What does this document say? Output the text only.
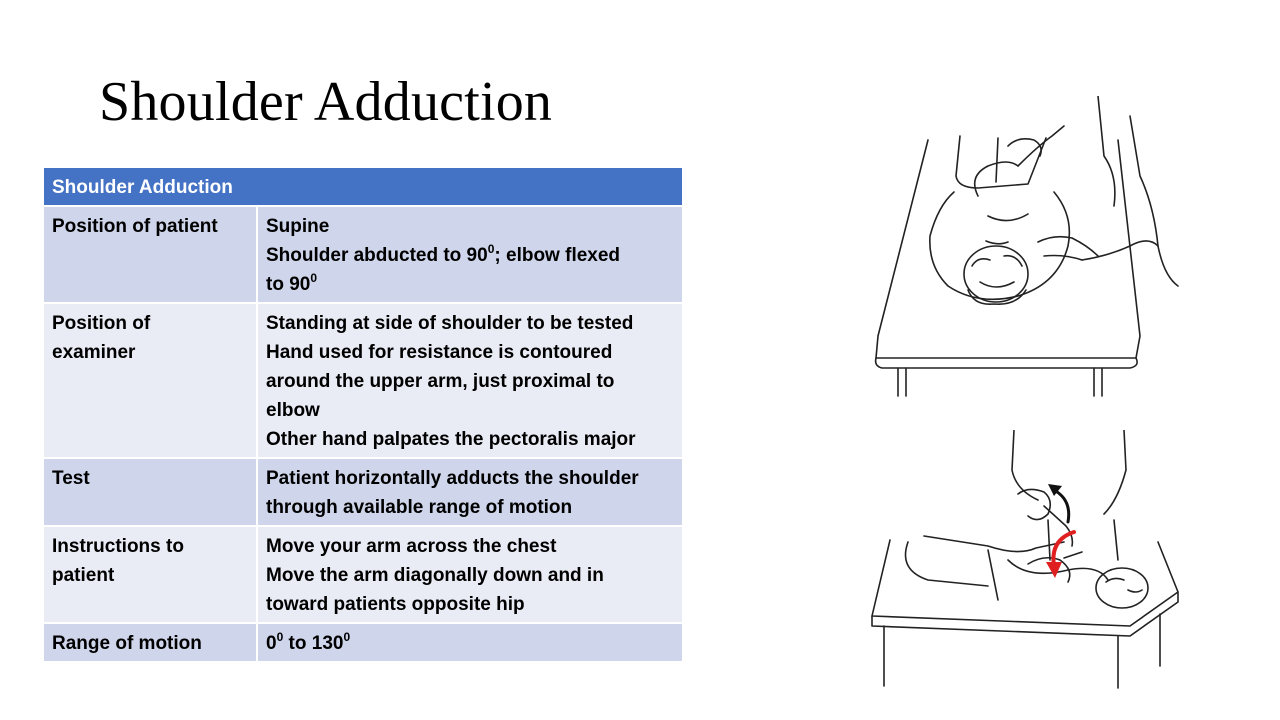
Shoulder Adduction
Shoulder Adduction	
Position of patient	Supine
Shoulder abducted to $90^0$; elbow flexed
to $90^0$

Position of
examiner	Standing at side of shoulder to be tested
Hand used for resistance is contoured
around the upper arm, just proximal to
elbow
Other hand palpates the pectoralis major

Test	Patient horizontally adducts the shoulder
through available range of motion

Instructions to
patient	Move your arm across the chest
Move the arm diagonally down and in
toward patients opposite hip

Range of motion	$0^0$ to $130^0$
